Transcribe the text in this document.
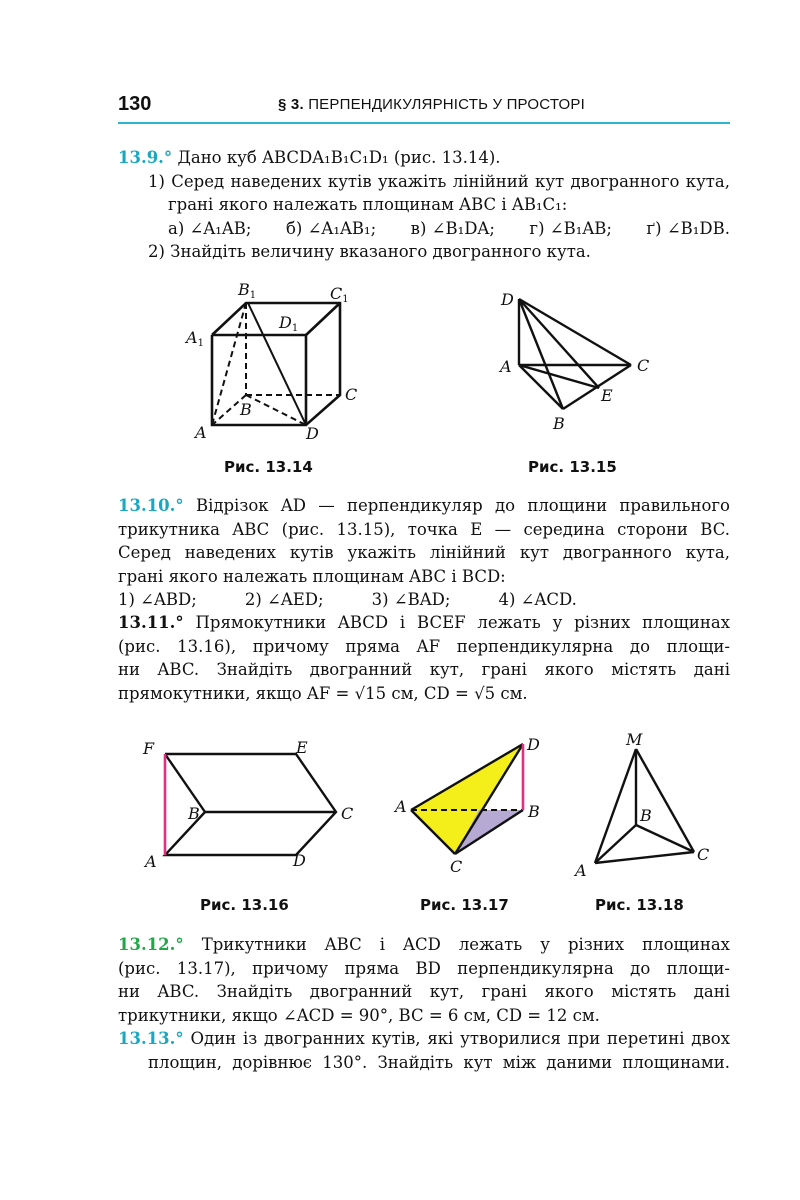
130	§ 3. ПЕРПЕНДИКУЛЯРНІСТЬ У ПРОСТОРІ
13.9.° Дано куб ABCDA₁B₁C₁D₁ (рис. 13.14).
1) Серед наведених кутів укажіть лінійний кут двогранного кута,
грані якого належать площинам ABC і AB₁C₁:
а) ∠A₁AB; б) ∠A₁AB₁; в) ∠B₁DA; г) ∠B₁AB; ґ) ∠B₁DB.
2) Знайдіть величину вказаного двогранного кута.
B1	C1
A1
D1
B
C
A	D
Рис. 13.14
D
A	C
E
B
Рис. 13.15
13.10.° Відрізок AD — перпендикуляр до площини правильного
трикутника ABC (рис. 13.15), точка E — середина сторони BC.
Серед наведених кутів укажіть лінійний кут двогранного кута,
грані якого належать площинам ABC і BCD:
1) ∠ABD;	2) ∠AED;	3) ∠BAD;	4) ∠ACD.
13.11.° Прямокутники ABCD і BCEF лежать у різних площинах
(рис. 13.16), причому пряма AF перпендикулярна до площи-
ни ABC. Знайдіть двогранний кут, грані якого містять дані
прямокутники, якщо AF = √15 см, CD = √5 см.
F	E
B	C
A	D
Рис. 13.16
D
A	B
C
Рис. 13.17
M
B
C
A
Рис. 13.18
13.12.° Трикутники ABC і ACD лежать у різних площинах
(рис. 13.17), причому пряма BD перпендикулярна до площи-
ни ABC. Знайдіть двогранний кут, грані якого містять дані
трикутники, якщо ∠ACD = 90°, BC = 6 см, CD = 12 см.
13.13.° Один із двогранних кутів, які утворилися при перетині двох
площин, дорівнює 130°. Знайдіть кут між даними площинами.
